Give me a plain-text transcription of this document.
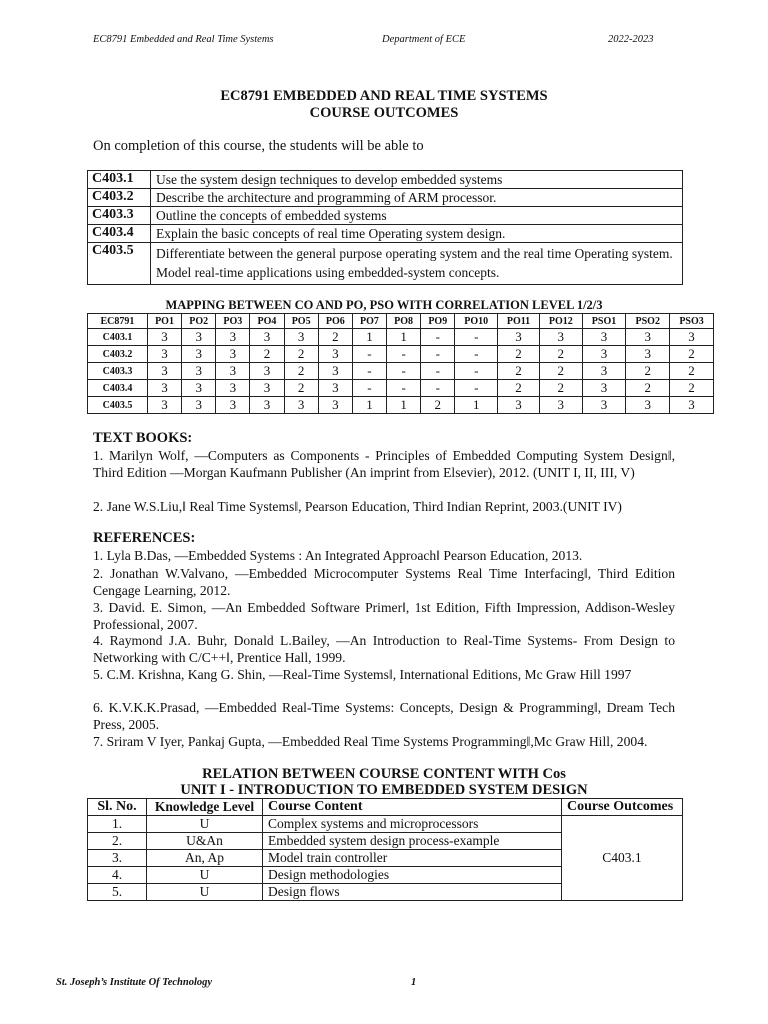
EC8791 Embedded and Real Time Systems	Department of ECE	2022-2023
EC8791 EMBEDDED AND REAL TIME SYSTEMS
COURSE OUTCOMES
On completion of this course, the students will be able to
C403.1	Use the system design techniques to develop embedded systems
C403.2	Describe the architecture and programming of ARM processor.
C403.3	Outline the concepts of embedded systems
C403.4	Explain the basic concepts of real time Operating system design.
C403.5	Differentiate between the general purpose operating system and the real time Operating system. Model real-time applications using embedded-system concepts.
MAPPING BETWEEN CO AND PO, PSO WITH CORRELATION LEVEL 1/2/3
EC8791	PO1	PO2	PO3	PO4	PO5	PO6	PO7	PO8	PO9	PO10	PO11	PO12	PSO1	PSO2	PSO3
C403.1	3	3	3	3	3	2	1	1	-	-	3	3	3	3	3
C403.2	3	3	3	2	2	3	-	-	-	-	2	2	3	3	2
C403.3	3	3	3	3	2	3	-	-	-	-	2	2	3	2	2
C403.4	3	3	3	3	2	3	-	-	-	-	2	2	3	2	2
C403.5	3	3	3	3	3	3	1	1	2	1	3	3	3	3	3
TEXT BOOKS:
1. Marilyn Wolf, ―Computers as Components - Principles of Embedded Computing System Design‖, Third Edition ―Morgan Kaufmann Publisher (An imprint from Elsevier), 2012. (UNIT I, II, III, V)
2. Jane W.S.Liu,‖ Real Time Systems‖, Pearson Education, Third Indian Reprint, 2003.(UNIT IV)
REFERENCES:
1. Lyla B.Das, ―Embedded Systems : An Integrated Approach‖ Pearson Education, 2013.
2. Jonathan W.Valvano, ―Embedded Microcomputer Systems Real Time Interfacing‖, Third Edition Cengage Learning, 2012.
3. David. E. Simon, ―An Embedded Software Primer‖, 1st Edition, Fifth Impression, Addison-Wesley Professional, 2007.
4. Raymond J.A. Buhr, Donald L.Bailey, ―An Introduction to Real-Time Systems- From Design to Networking with C/C++‖, Prentice Hall, 1999.
5. C.M. Krishna, Kang G. Shin, ―Real-Time Systems‖, International Editions, Mc Graw Hill 1997
6. K.V.K.K.Prasad, ―Embedded Real-Time Systems: Concepts, Design & Programming‖, Dream Tech Press, 2005.
7. Sriram V Iyer, Pankaj Gupta, ―Embedded Real Time Systems Programming‖,Mc Graw Hill, 2004.
RELATION BETWEEN COURSE CONTENT WITH Cos
UNIT I - INTRODUCTION TO EMBEDDED SYSTEM DESIGN
Sl. No.	Knowledge Level	Course Content	Course Outcomes
1.	U	Complex systems and microprocessors	C403.1
2.	U&An	Embedded system design process-example	
3.	An, Ap	Model train controller	
4.	U	Design methodologies	
5.	U	Design flows	
St. Joseph’s Institute Of Technology	1
